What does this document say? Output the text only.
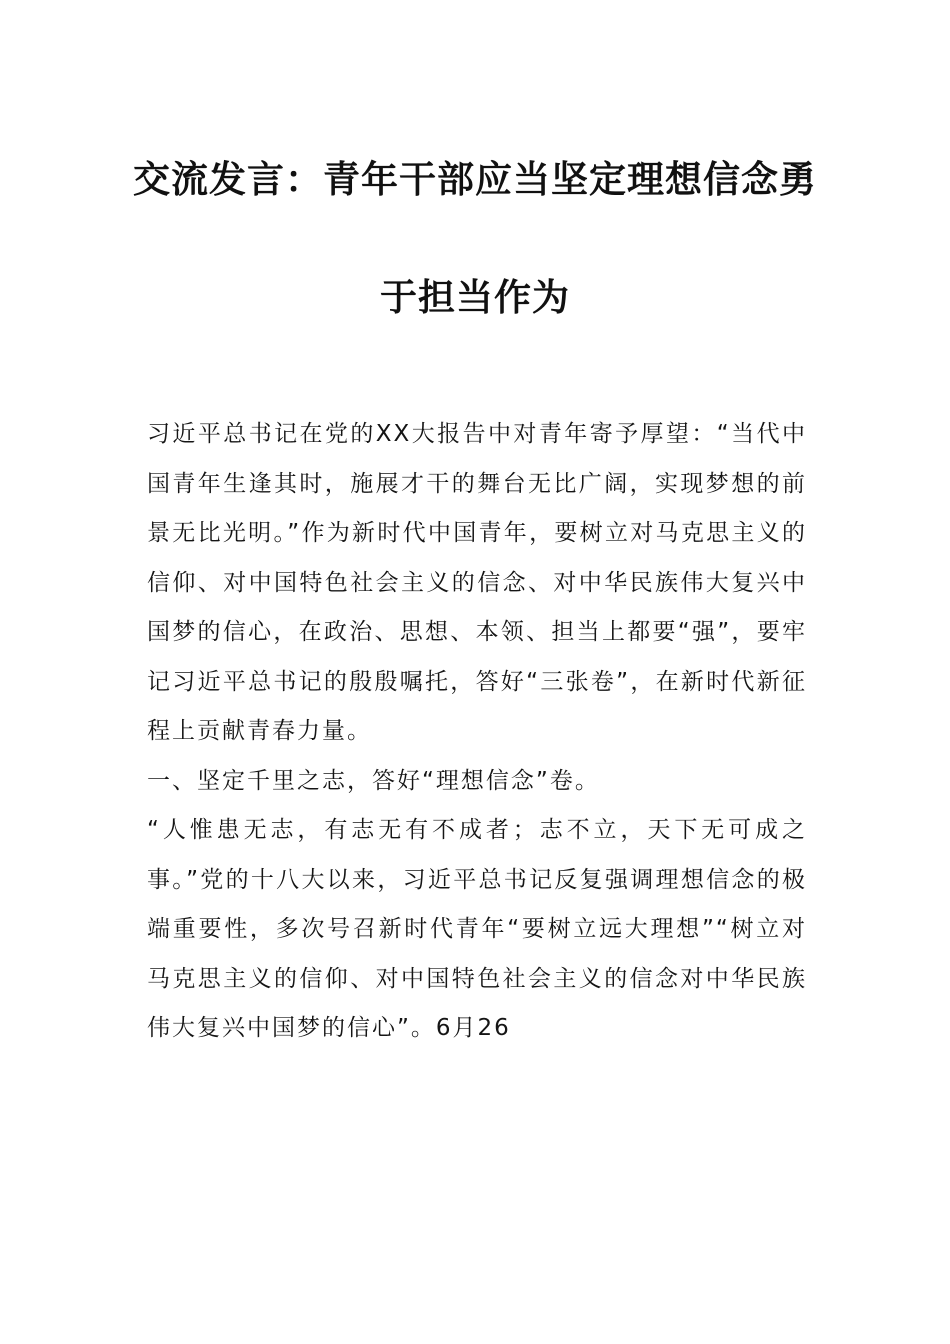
交流发言：青年干部应当坚定理想信念勇
于担当作为

习近平总书记在党的XX大报告中对青年寄予厚望：“当代中国青年生逢其时，施展才干的舞台无比广阔，实现梦想的前景无比光明。”作为新时代中国青年，要树立对马克思主义的信仰、对中国特色社会主义的信念、对中华民族伟大复兴中国梦的信心，在政治、思想、本领、担当上都要“强”，要牢记习近平总书记的殷殷嘱托，答好“三张卷”，在新时代新征程上贡献青春力量。

一、坚定千里之志，答好“理想信念”卷。

“人惟患无志，有志无有不成者；志不立，天下无可成之事。”党的十八大以来，习近平总书记反复强调理想信念的极端重要性，多次号召新时代青年“要树立远大理想”“树立对马克思主义的信仰、对中国特色社会主义的信念对中华民族伟大复兴中国梦的信心”。6月26
